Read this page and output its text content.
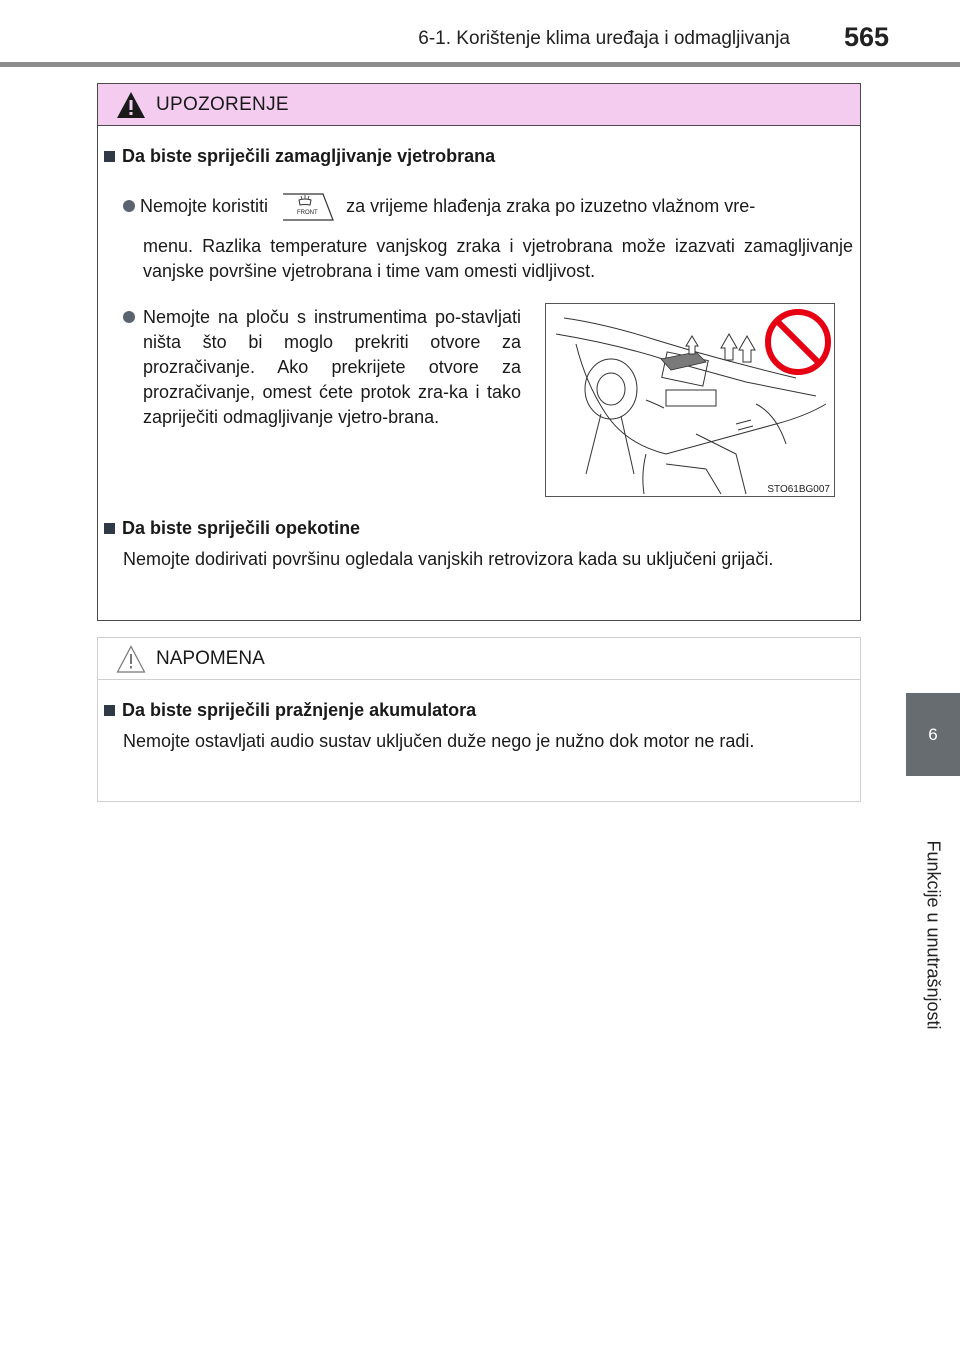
6-1. Korištenje klima uređaja i odmagljivanja 565
6
Funkcije u unutrašnjosti
UPOZORENJE
Da biste spriječili zamagljivanje vjetrobrana
Nemojte koristiti	FRONT za vrijeme hlađenja zraka po izuzetno vlažnom vre-
menu. Razlika temperature vanjskog zraka i vjetrobrana može izazvati zamagljivanje vanjske površine vjetrobrana i time vam omesti vidljivost.
Nemojte na ploču s instrumentima po-stavljati ništa što bi moglo prekriti otvore za prozračivanje. Ako prekrijete otvore za prozračivanje, omest ćete protok zra-ka i tako zapriječiti odmagljivanje vjetro-brana.
STO61BG007
Da biste spriječili opekotine
Nemojte dodirivati površinu ogledala vanjskih retrovizora kada su uključeni grijači.
NAPOMENA
Da biste spriječili pražnjenje akumulatora
Nemojte ostavljati audio sustav uključen duže nego je nužno dok motor ne radi.
